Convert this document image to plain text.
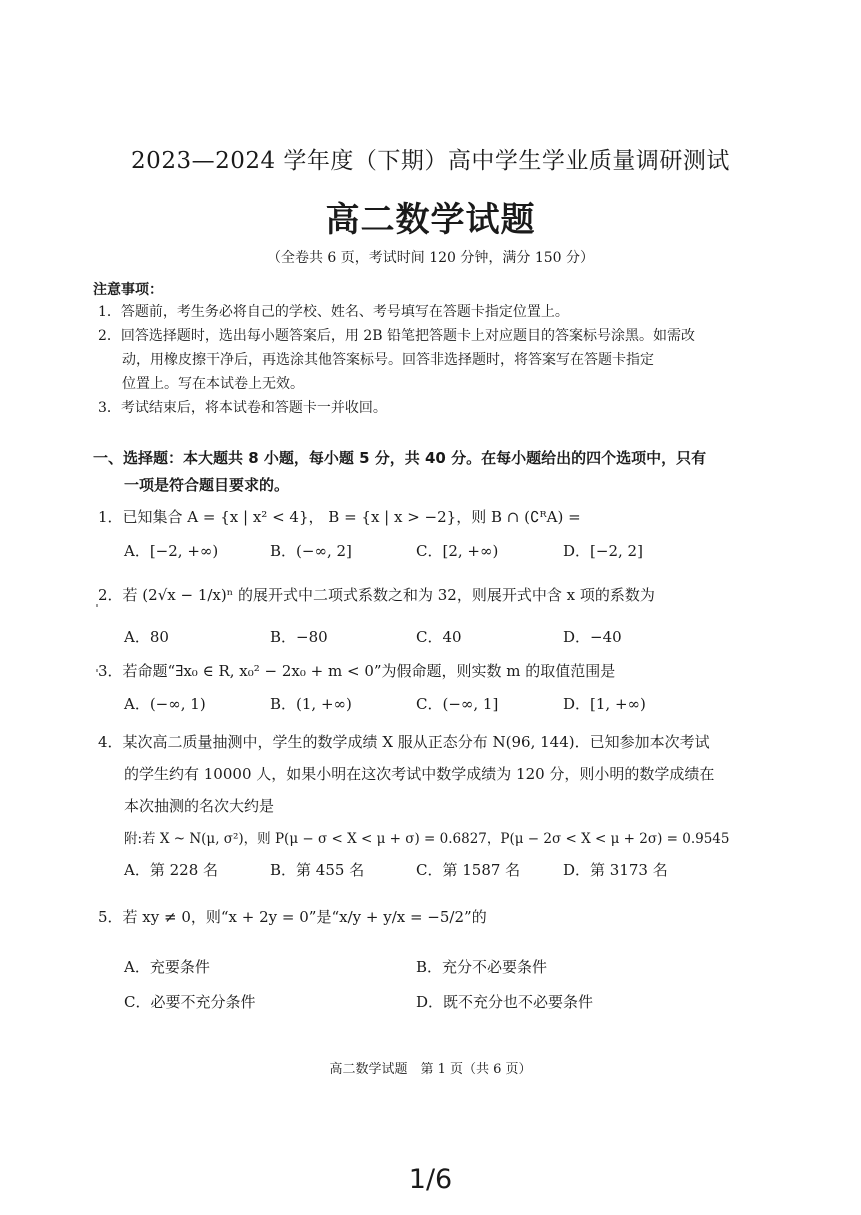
2023—2024 学年度（下期）高中学生学业质量调研测试
高二数学试题
（全卷共 6 页，考试时间 120 分钟，满分 150 分）
注意事项：
1．答题前，考生务必将自己的学校、姓名、考号填写在答题卡指定位置上。
2．回答选择题时，选出每小题答案后，用 2B 铅笔把答题卡上对应题目的答案标号涂黑。如需改
动，用橡皮擦干净后，再选涂其他答案标号。回答非选择题时，将答案写在答题卡指定
位置上。写在本试卷上无效。
3．考试结束后，将本试卷和答题卡一并收回。
一、选择题：本大题共 8 小题，每小题 5 分，共 40 分。在每小题给出的四个选项中，只有
一项是符合题目要求的。
1．已知集合 A = {x | x² < 4}， B = {x | x > −2}，则 B ∩ (∁ᴿA) =
A．[−2, +∞)	B．(−∞, 2]	C．[2, +∞)	D．[−2, 2]
2．若 (2√x − 1/x)ⁿ 的展开式中二项式系数之和为 32，则展开式中含 x 项的系数为
A．80	B．−80	C．40	D．−40
3．若命题“∃x₀ ∈ R, x₀² − 2x₀ + m < 0”为假命题，则实数 m 的取值范围是
A．(−∞, 1)	B．(1, +∞)	C．(−∞, 1]	D．[1, +∞)
4．某次高二质量抽测中，学生的数学成绩 X 服从正态分布 N(96, 144)．已知参加本次考试
的学生约有 10000 人，如果小明在这次考试中数学成绩为 120 分，则小明的数学成绩在
本次抽测的名次大约是
附:若 X ~ N(μ, σ²)，则 P(μ − σ < X < μ + σ) = 0.6827，P(μ − 2σ < X < μ + 2σ) = 0.9545
A．第 228 名	B．第 455 名	C．第 1587 名	D．第 3173 名
5．若 xy ≠ 0，则“x + 2y = 0”是“x/y + y/x = −5/2”的
A．充要条件	B．充分不必要条件
C．必要不充分条件	D．既不充分也不必要条件
高二数学试题　第 1 页（共 6 页）
1/6
